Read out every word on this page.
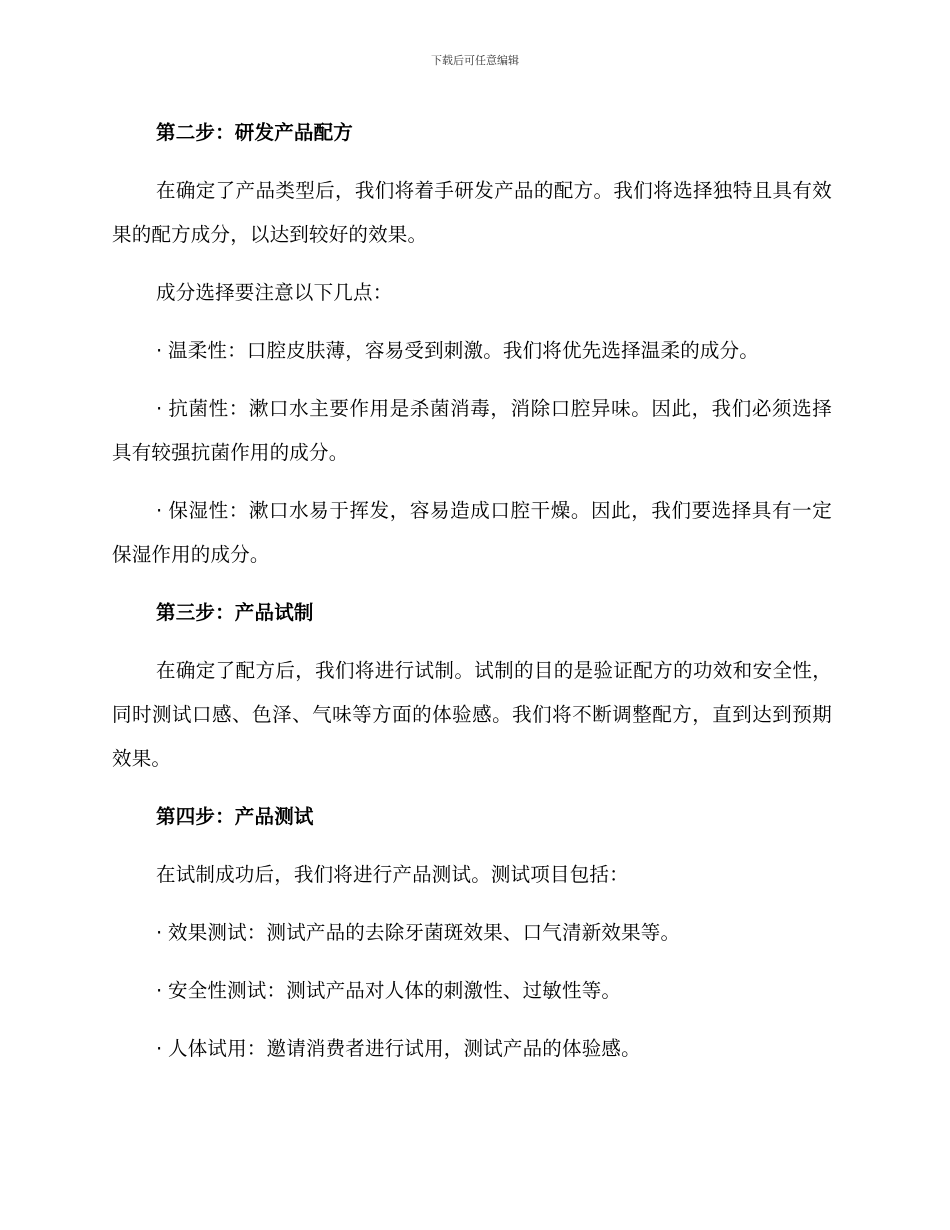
下载后可任意编辑

第二步：研发产品配方

在确定了产品类型后，我们将着手研发产品的配方。我们将选择独特且具有效果的配方成分，以达到较好的效果。

成分选择要注意以下几点：

· 温柔性：口腔皮肤薄，容易受到刺激。我们将优先选择温柔的成分。

· 抗菌性：漱口水主要作用是杀菌消毒，消除口腔异味。因此，我们必须选择具有较强抗菌作用的成分。

· 保湿性：漱口水易于挥发，容易造成口腔干燥。因此，我们要选择具有一定保湿作用的成分。

第三步：产品试制

在确定了配方后，我们将进行试制。试制的目的是验证配方的功效和安全性，同时测试口感、色泽、气味等方面的体验感。我们将不断调整配方，直到达到预期效果。

第四步：产品测试

在试制成功后，我们将进行产品测试。测试项目包括：

· 效果测试：测试产品的去除牙菌斑效果、口气清新效果等。

· 安全性测试：测试产品对人体的刺激性、过敏性等。

· 人体试用：邀请消费者进行试用，测试产品的体验感。
